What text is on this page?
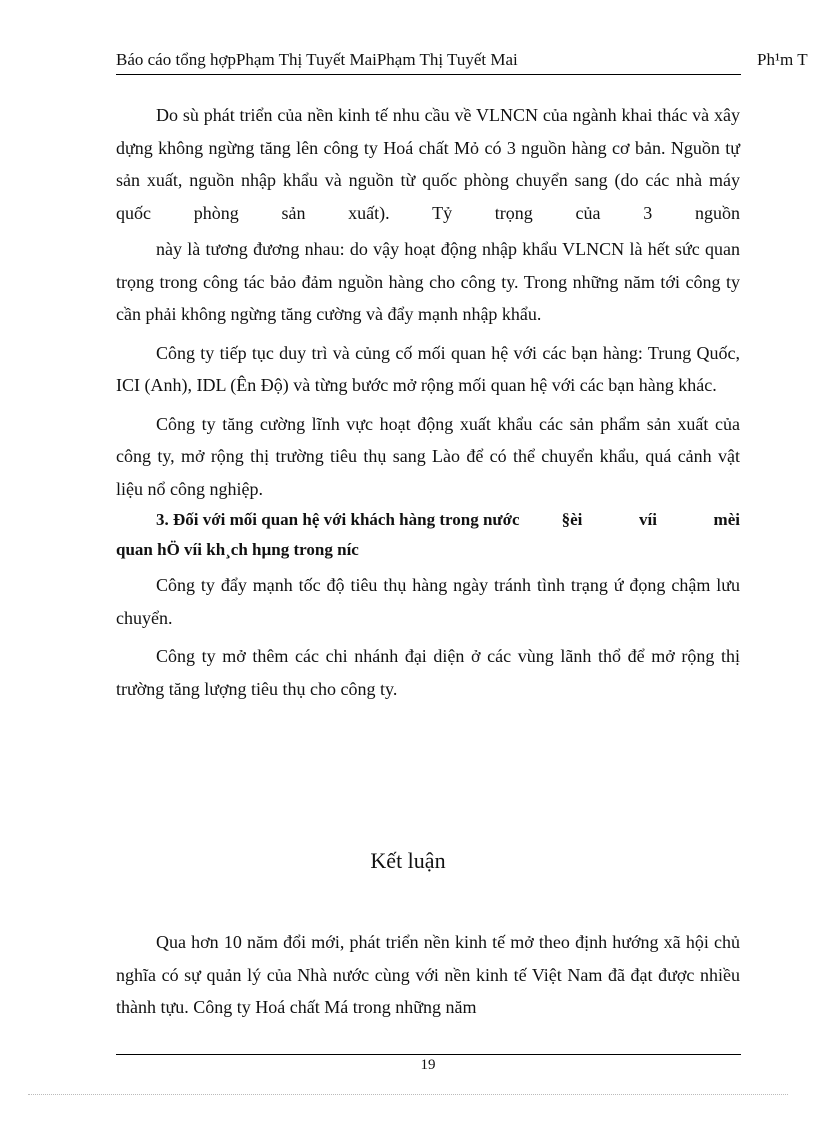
Báo cáo tổng hợpPhạm Thị Tuyết MaiPhạm Thị Tuyết Mai	Ph¹m T

Do sù phát triển của nền kinh tế nhu cầu về VLNCN của ngành khai thác và xây dựng không ngừng tăng lên công ty Hoá chất Mỏ có 3 nguồn hàng cơ bản. Nguồn tự sản xuất, nguồn nhập khẩu và nguồn từ quốc phòng chuyển sang (do các nhà máy quốc phòng sản xuất). Tỷ trọng của 3 nguồn

này là tương đương nhau: do vậy hoạt động nhập khẩu VLNCN là hết sức quan trọng trong công tác bảo đảm nguồn hàng cho công ty. Trong những năm tới công ty cần phải không ngừng tăng cường và đẩy mạnh nhập khẩu.

Công ty tiếp tục duy trì và củng cố mối quan hệ với các bạn hàng: Trung Quốc, ICI (Anh), IDL (Ên Độ) và từng bước mở rộng mối quan hệ với các bạn hàng khác.

Công ty tăng cường lĩnh vực hoạt động xuất khẩu các sản phẩm sản xuất của công ty, mở rộng thị trường tiêu thụ sang Lào để có thể chuyển khẩu, quá cảnh vật liệu nổ công nghiệp.

3. Đối với mối quan hệ với khách hàng trong nước §èi	víi	mèi
quan hÖ víi kh¸ch hµng trong níc

Công ty đẩy mạnh tốc độ tiêu thụ hàng ngày tránh tình trạng ứ đọng chậm lưu chuyển.

Công ty mở thêm các chi nhánh đại diện ở các vùng lãnh thổ để mở rộng thị trường tăng lượng tiêu thụ cho công ty.

Kết luận

Qua hơn 10 năm đổi mới, phát triển nền kinh tế mở theo định hướng xã hội chủ nghĩa có sự quản lý của Nhà nước cùng với nền kinh tế Việt Nam đã đạt được nhiều thành tựu. Công ty Hoá chất Má trong những năm

19
